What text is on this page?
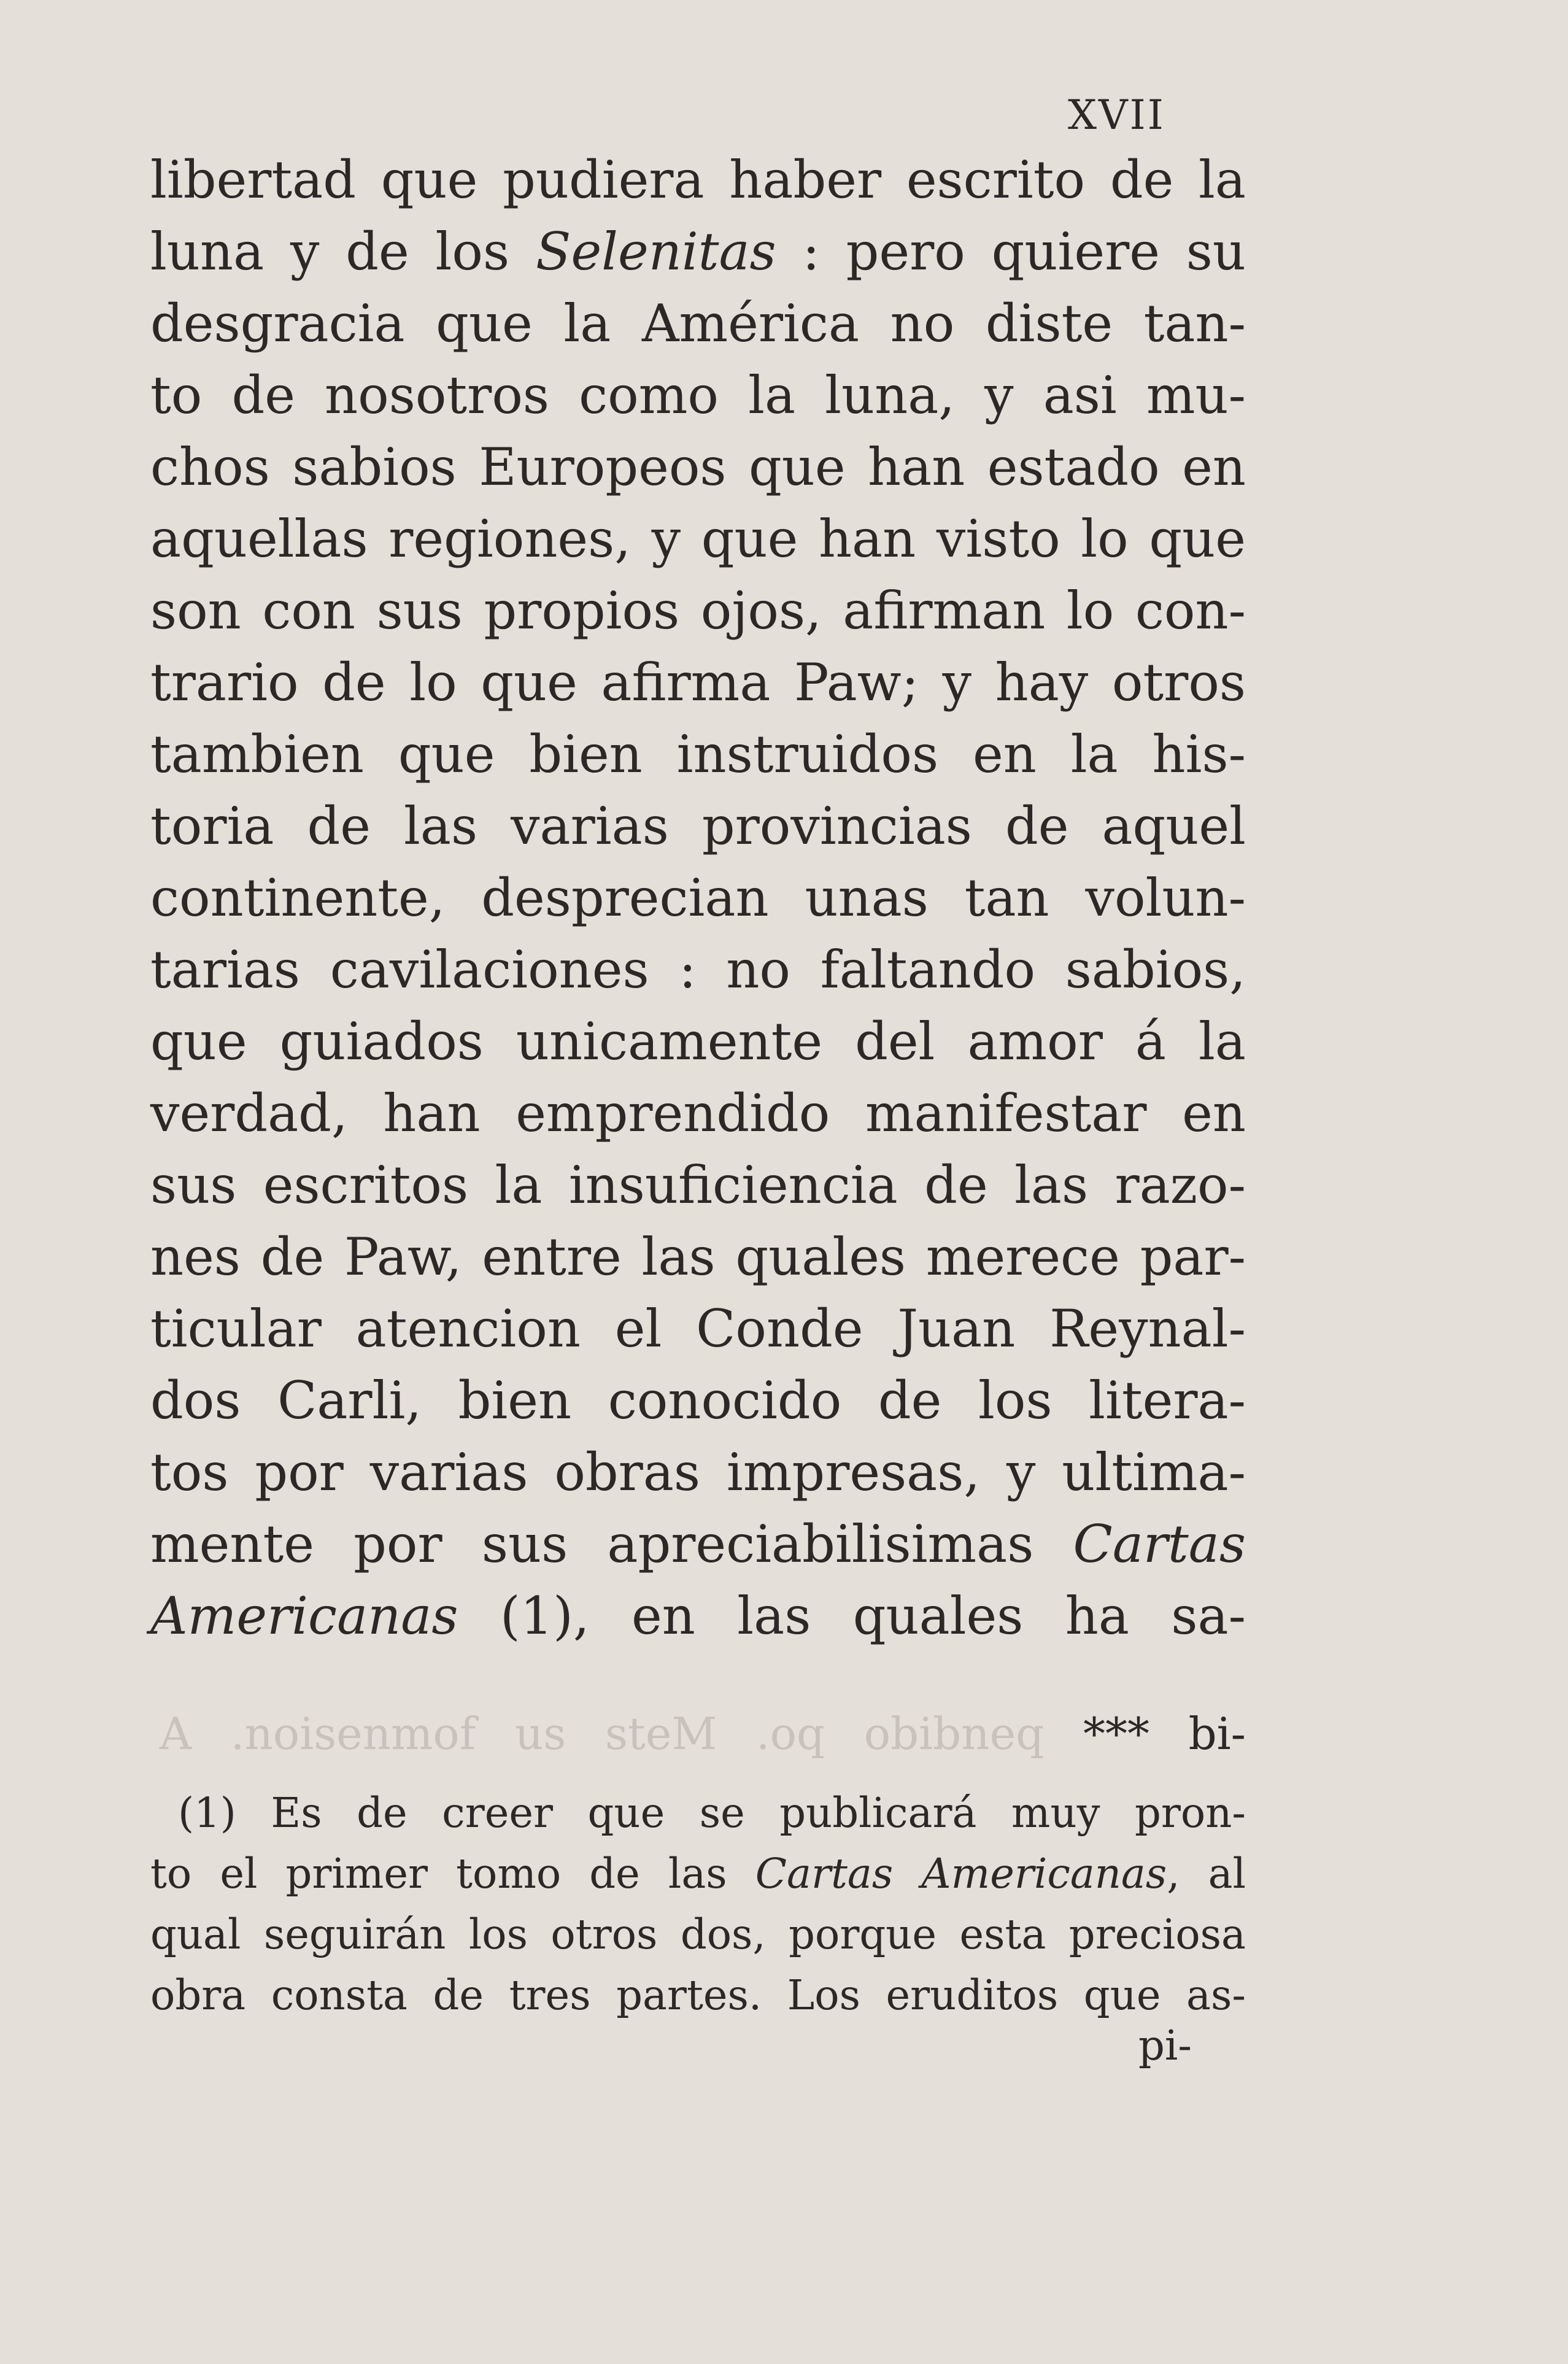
XVII
libertad que pudiera haber escrito de la
luna y de los Selenitas : pero quiere su
desgracia que la América no diste tan-
to de nosotros como la luna, y asi mu-
chos sabios Europeos que han estado en
aquellas regiones, y que han visto lo que
son con sus propios ojos, afirman lo con-
trario de lo que afirma Paw; y hay otros
tambien que bien instruidos en la his-
toria de las varias provincias de aquel
continente, desprecian unas tan volun-
tarias cavilaciones : no faltando sabios,
que guiados unicamente del amor á la
verdad, han emprendido manifestar en
sus escritos la insuficiencia de las razo-
nes de Paw, entre las quales merece par-
ticular atencion el Conde Juan Reynal-
dos Carli, bien conocido de los litera-
tos por varias obras impresas, y ultima-
mente por sus apreciabilisimas Cartas
Americanas (1), en las quales ha sa-
A .noisenmof us steM .oq obibneq *** bi-
(1) Es de creer que se publicará muy pron-
to el primer tomo de las Cartas Americanas, al
qual seguirán los otros dos, porque esta preciosa
obra consta de tres partes. Los eruditos que as-
pi-
